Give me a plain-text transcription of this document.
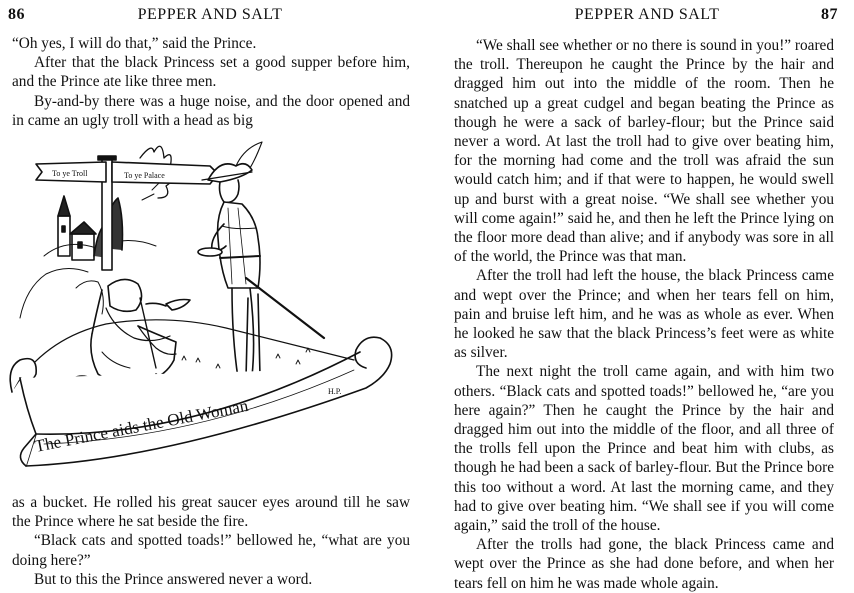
86	PEPPER AND SALT

“Oh yes, I will do that,” said the Prince.

After that the black Princess set a good supper before him, and the Prince ate like three men.

By-and-by there was a huge noise, and the door opened and in came an ugly troll with a head as big

To ye Troll	To ye Palace
H.P.
The Prince aids the Old Woman

as a bucket. He rolled his great saucer eyes around till he saw the Prince where he sat beside the fire.

“Black cats and spotted toads!” bellowed he, “what are you doing here?”

But to this the Prince answered never a word.

PEPPER AND SALT	87

“We shall see whether or no there is sound in you!” roared the troll. Thereupon he caught the Prince by the hair and dragged him out into the middle of the room. Then he snatched up a great cudgel and began beating the Prince as though he were a sack of barley-flour; but the Prince said never a word. At last the troll had to give over beating him, for the morning had come and the troll was afraid the sun would catch him; and if that were to happen, he would swell up and burst with a great noise. “We shall see whether you will come again!” said he, and then he left the Prince lying on the floor more dead than alive; and if anybody was sore in all of the world, the Prince was that man.

After the troll had left the house, the black Princess came and wept over the Prince; and when her tears fell on him, pain and bruise left him, and he was as whole as ever. When he looked he saw that the black Princess’s feet were as white as silver.

The next night the troll came again, and with him two others. “Black cats and spotted toads!” bellowed he, “are you here again?” Then he caught the Prince by the hair and dragged him out into the middle of the floor, and all three of the trolls fell upon the Prince and beat him with clubs, as though he had been a sack of barley-flour. But the Prince bore this too without a word. At last the morning came, and they had to give over beating him. “We shall see if you will come again,” said the troll of the house.

After the trolls had gone, the black Princess came and wept over the Prince as she had done before, and when her tears fell on him he was made whole again.
